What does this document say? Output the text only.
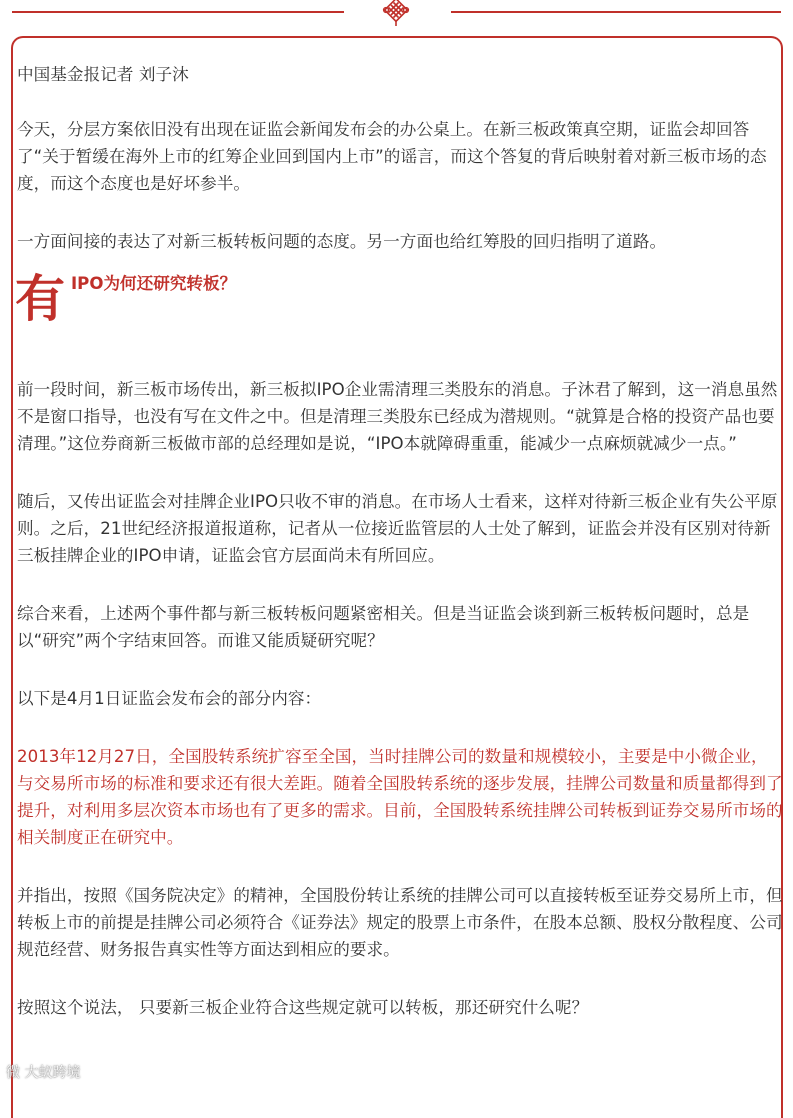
中国基金报记者 刘子沐

今天，分层方案依旧没有出现在证监会新闻发布会的办公桌上。在新三板政策真空期，证监会却回答了“关于暂缓在海外上市的红筹企业回到国内上市”的谣言，而这个答复的背后映射着对新三板市场的态度，而这个态度也是好坏参半。

一方面间接的表达了对新三板转板问题的态度。另一方面也给红筹股的回归指明了道路。

有 IPO为何还研究转板？

前一段时间，新三板市场传出，新三板拟IPO企业需清理三类股东的消息。子沐君了解到，这一消息虽然不是窗口指导，也没有写在文件之中。但是清理三类股东已经成为潜规则。“就算是合格的投资产品也要清理。”这位券商新三板做市部的总经理如是说，“IPO本就障碍重重，能减少一点麻烦就减少一点。”

随后，又传出证监会对挂牌企业IPO只收不审的消息。在市场人士看来，这样对待新三板企业有失公平原则。之后，21世纪经济报道报道称，记者从一位接近监管层的人士处了解到，证监会并没有区别对待新三板挂牌企业的IPO申请，证监会官方层面尚未有所回应。

综合来看，上述两个事件都与新三板转板问题紧密相关。但是当证监会谈到新三板转板问题时，总是以“研究”两个字结束回答。而谁又能质疑研究呢？

以下是4月1日证监会发布会的部分内容：

2013年12月27日，全国股转系统扩容至全国，当时挂牌公司的数量和规模较小，主要是中小微企业，与交易所市场的标准和要求还有很大差距。随着全国股转系统的逐步发展，挂牌公司数量和质量都得到了提升，对利用多层次资本市场也有了更多的需求。目前，全国股转系统挂牌公司转板到证券交易所市场的相关制度正在研究中。

并指出，按照《国务院决定》的精神，全国股份转让系统的挂牌公司可以直接转板至证券交易所上市，但转板上市的前提是挂牌公司必须符合《证券法》规定的股票上市条件，在股本总额、股权分散程度、公司规范经营、财务报告真实性等方面达到相应的要求。

按照这个说法， 只要新三板企业符合这些规定就可以转板，那还研究什么呢？

微 大蚁跨境
